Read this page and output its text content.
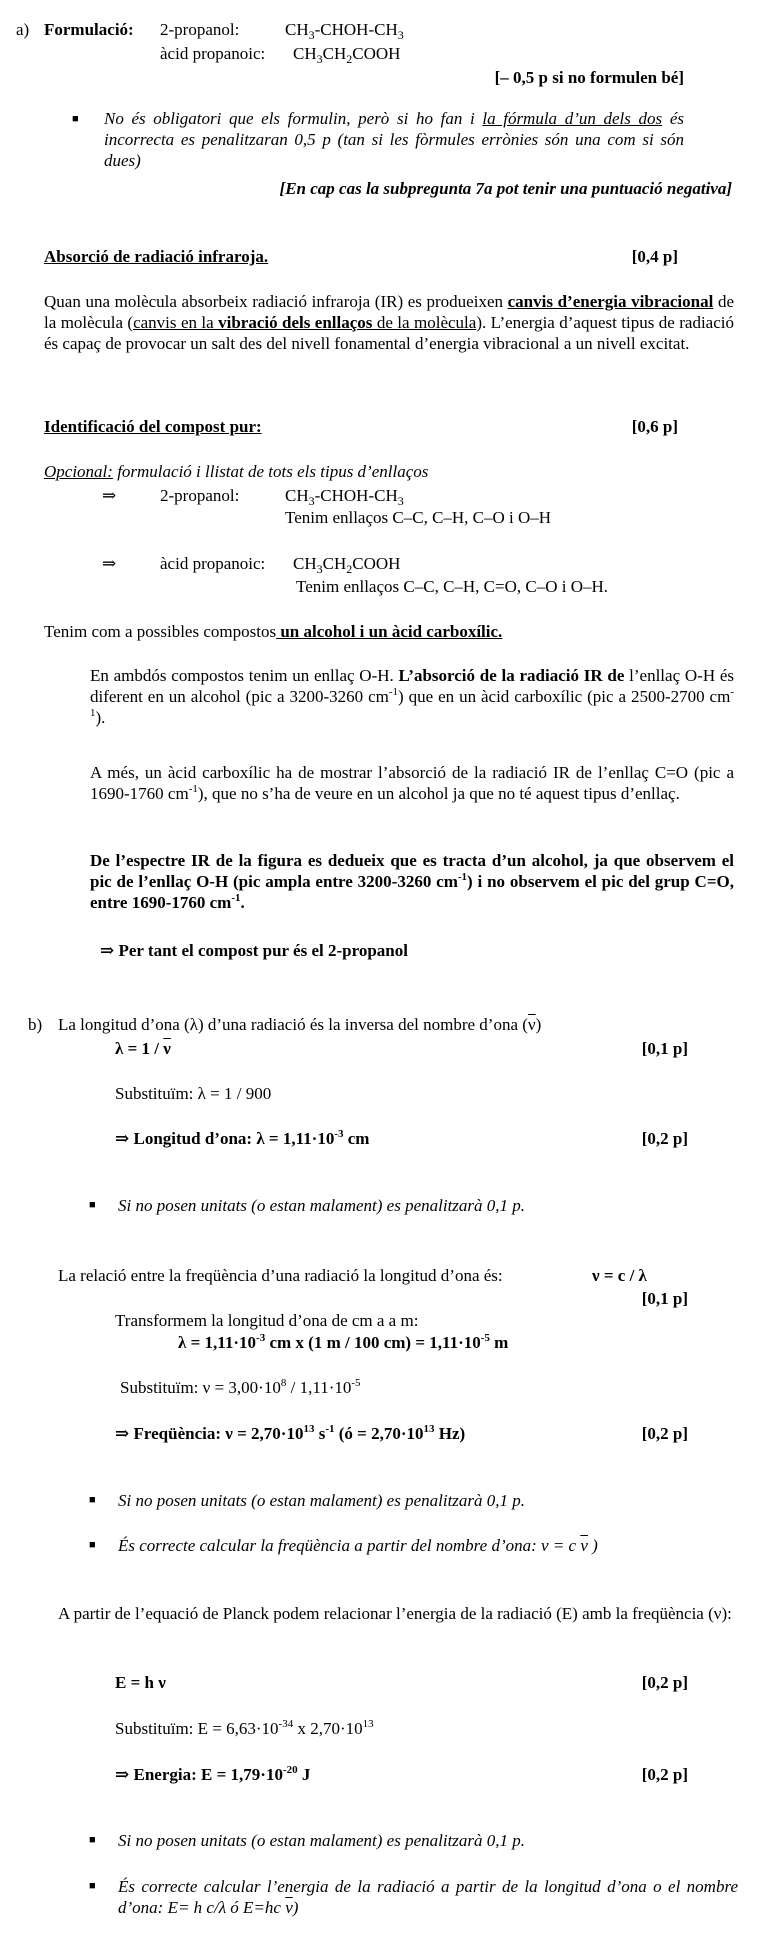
a) Formulació: 2-propanol:	$CH_3-CHOH-CH_3$
àcid propanoic: $CH_3CH_2COOH$
[– 0,5 p si no formulen bé]
■ No és obligatori que els formulin, però si ho fan i la fórmula d’un dels dos és incorrecta es penalitzaran 0,5 p (tan si les fòrmules errònies són una com si són dues)
[En cap cas la subpregunta 7a pot tenir una puntuació negativa]
Absorció de radiació infraroja.	[0,4 p]
Quan una molècula absorbeix radiació infraroja (IR) es produeixen canvis d’energia vibracional de la molècula (canvis en la vibració dels enllaços de la molècula). L’energia d’aquest tipus de radiació és capaç de provocar un salt des del nivell fonamental d’energia vibracional a un nivell excitat.
Identificació del compost pur:	[0,6 p]
Opcional: formulació i llistat de tots els tipus d’enllaços
⇒	2-propanol:	$CH_3-CHOH-CH_3$
Tenim enllaços C–C, C–H, C–O i O–H
⇒	àcid propanoic: $CH_3CH_2COOH$
Tenim enllaços C–C, C–H, C=O, C–O i O–H.
Tenim com a possibles compostos un alcohol i un àcid carboxílic.
En ambdós compostos tenim un enllaç O-H. L’absorció de la radiació IR de l’enllaç O-H és diferent en un alcohol (pic a 3200-3260 $cm^{-1}$) que en un àcid carboxílic (pic a 2500-2700 $cm^{-1}$).
A més, un àcid carboxílic ha de mostrar l’absorció de la radiació IR de l’enllaç C=O (pic a 1690-1760 $cm^{-1}$), que no s’ha de veure en un alcohol ja que no té aquest tipus d’enllaç.
De l’espectre IR de la figura es dedueix que es tracta d’un alcohol, ja que observem el pic de l’enllaç O-H (pic ampla entre 3200-3260 $cm^{-1}$) i no observem el pic del grup C=O, entre 1690-1760 $cm^{-1}$.
⇒ Per tant el compost pur és el 2-propanol
b) La longitud d’ona (λ) d’una radiació és la inversa del nombre d’ona $(\overline{\nu})$
$\lambda = 1 / \overline{\nu}$	[0,1 p]
Substituïm: λ = 1 / 900
⇒ Longitud d’ona: $\lambda = 1,11\cdot 10^{-3}$ cm	[0,2 p]
■ Si no posen unitats (o estan malament) es penalitzarà 0,1 p.
La relació entre la freqüència d’una radiació la longitud d’ona és:	ν = c / λ
[0,1 p]
Transformem la longitud d’ona de cm a a m:
$\lambda = 1,11\cdot 10^{-3}$ cm x (1 m / 100 $cm) = 1,11\cdot 10^{-5}$ m
Substituïm: $\nu = 3,00\cdot 10^8 / 1,11\cdot 10^{-5}$
⇒ Freqüència: $\nu = 2,70\cdot 10^{13}$ $s^{-1}$ (ó = $2,70\cdot 10^{13}$ Hz)	[0,2 p]
■ Si no posen unitats (o estan malament) es penalitzarà 0,1 p.
■ És correcte calcular la freqüència a partir del nombre d’ona: ν = c $\overline{\nu}$ )
A partir de l’equació de Planck podem relacionar l’energia de la radiació (E) amb la freqüència (ν):
E = h ν	[0,2 p]
Substituïm: $E = 6,63\cdot 10^{-34}$ x $2,70\cdot 10^{13}$
⇒ Energia: $E = 1,79\cdot 10^{-20}$ J	[0,2 p]
■ Si no posen unitats (o estan malament) es penalitzarà 0,1 p.
■ És correcte calcular l’energia de la radiació a partir de la longitud d’ona o el nombre d’ona: E= h c/λ ó E=hc $\overline{\nu}$)
